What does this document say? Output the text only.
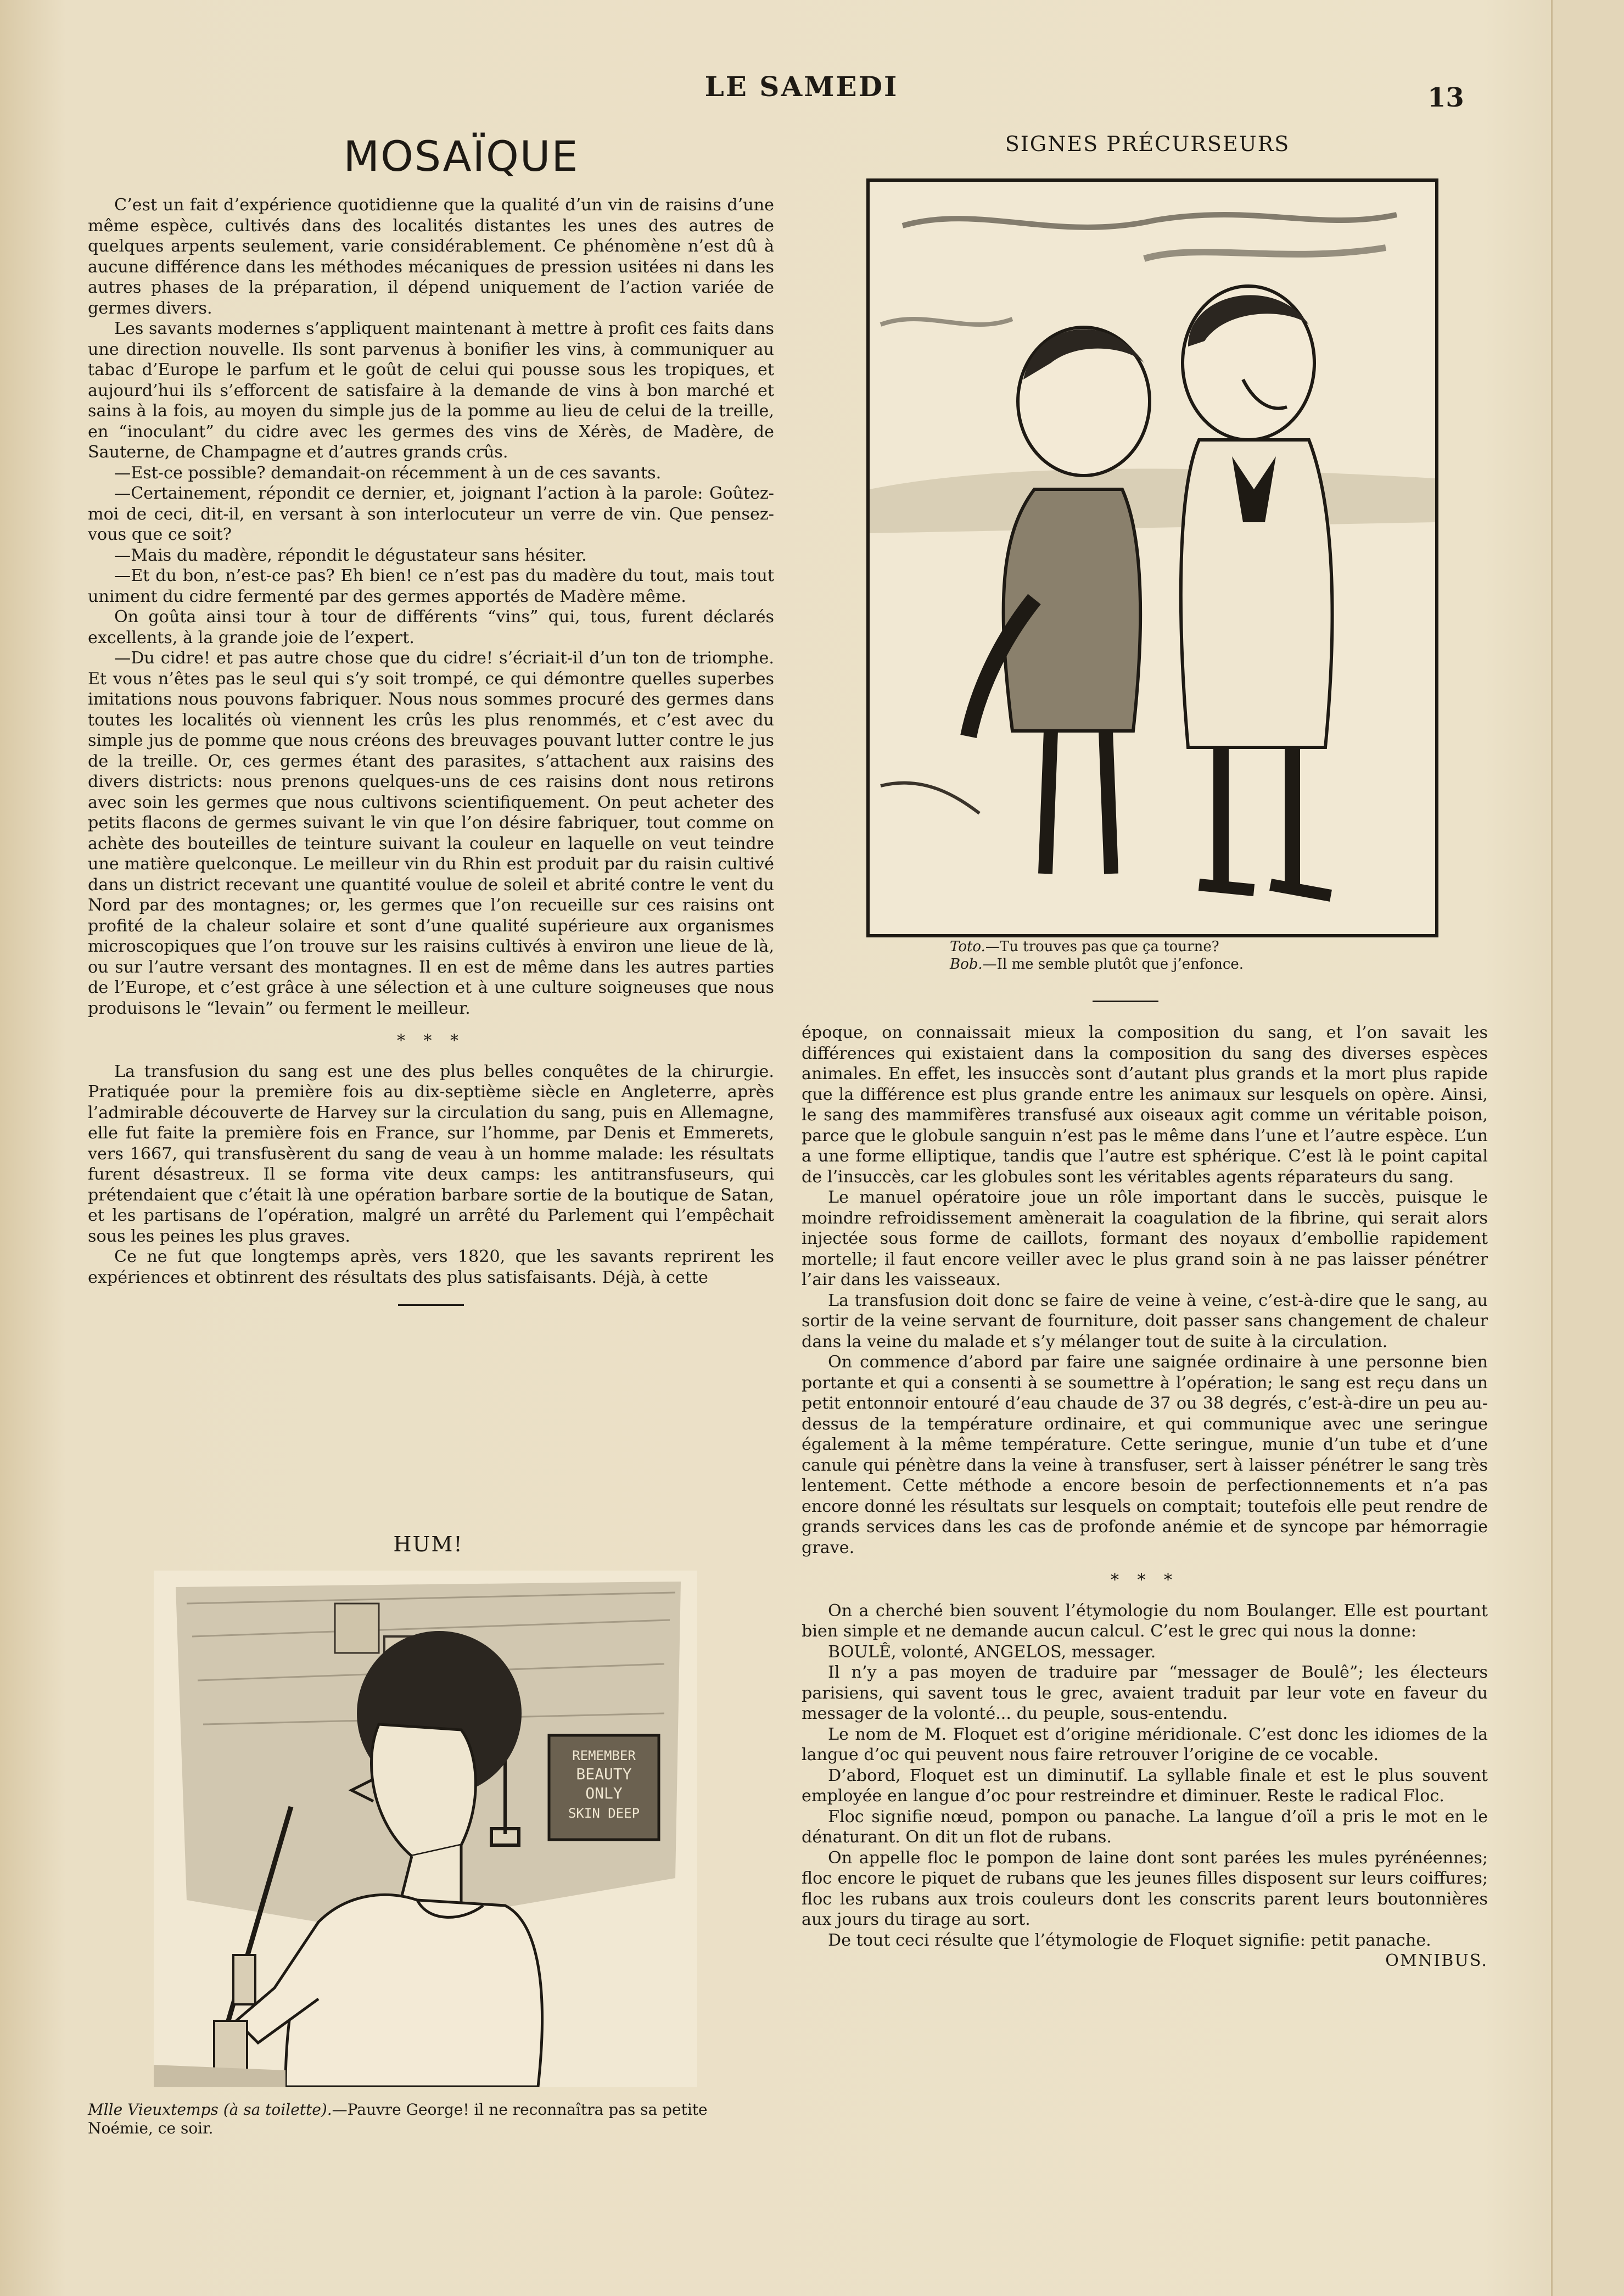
LE SAMEDI	13
MOSAÏQUE

C’est un fait d’expérience quotidienne que la qualité d’un vin de raisins d’une même espèce, cultivés dans des localités distantes les unes des autres de quelques arpents seulement, varie considérablement. Ce phénomène n’est dû à aucune différence dans les méthodes mécaniques de pression usitées ni dans les autres phases de la préparation, il dépend uniquement de l’action variée de germes divers.

Les savants modernes s’appliquent maintenant à mettre à profit ces faits dans une direction nouvelle. Ils sont parvenus à bonifier les vins, à communiquer au tabac d’Europe le parfum et le goût de celui qui pousse sous les tropiques, et aujourd’hui ils s’efforcent de satisfaire à la demande de vins à bon marché et sains à la fois, au moyen du simple jus de la pomme au lieu de celui de la treille, en “inoculant” du cidre avec les germes des vins de Xérès, de Madère, de Sauterne, de Champagne et d’autres grands crûs.

—Est-ce possible? demandait-on récemment à un de ces savants.

—Certainement, répondit ce dernier, et, joignant l’action à la parole: Goûtez-moi de ceci, dit-il, en versant à son interlocuteur un verre de vin. Que pensez-vous que ce soit?

—Mais du madère, répondit le dégustateur sans hésiter.

—Et du bon, n’est-ce pas? Eh bien! ce n’est pas du madère du tout, mais tout uniment du cidre fermenté par des germes apportés de Madère même.

On goûta ainsi tour à tour de différents “vins” qui, tous, furent déclarés excellents, à la grande joie de l’expert.

—Du cidre! et pas autre chose que du cidre! s’écriait-il d’un ton de triomphe. Et vous n’êtes pas le seul qui s’y soit trompé, ce qui démontre quelles superbes imitations nous pouvons fabriquer. Nous nous sommes procuré des germes dans toutes les localités où viennent les crûs les plus renommés, et c’est avec du simple jus de pomme que nous créons des breuvages pouvant lutter contre le jus de la treille. Or, ces germes étant des parasites, s’attachent aux raisins des divers districts: nous prenons quelques-uns de ces raisins dont nous retirons avec soin les germes que nous cultivons scientifiquement. On peut acheter des petits flacons de germes suivant le vin que l’on désire fabriquer, tout comme on achète des bouteilles de teinture suivant la couleur en laquelle on veut teindre une matière quelconque. Le meilleur vin du Rhin est produit par du raisin cultivé dans un district recevant une quantité voulue de soleil et abrité contre le vent du Nord par des montagnes; or, les germes que l’on recueille sur ces raisins ont profité de la chaleur solaire et sont d’une qualité supérieure aux organismes microscopiques que l’on trouve sur les raisins cultivés à environ une lieue de là, ou sur l’autre versant des montagnes. Il en est de même dans les autres parties de l’Europe, et c’est grâce à une sélection et à une culture soigneuses que nous produisons le “levain” ou ferment le meilleur.

* * *

La transfusion du sang est une des plus belles conquêtes de la chirurgie. Pratiquée pour la première fois au dix-septième siècle en Angleterre, après l’admirable découverte de Harvey sur la circulation du sang, puis en Allemagne, elle fut faite la première fois en France, sur l’homme, par Denis et Emmerets, vers 1667, qui transfusèrent du sang de veau à un homme malade: les résultats furent désastreux. Il se forma vite deux camps: les antitransfuseurs, qui prétendaient que c’était là une opération barbare sortie de la boutique de Satan, et les partisans de l’opération, malgré un arrêté du Parlement qui l’empêchait sous les peines les plus graves.

Ce ne fut que longtemps après, vers 1820, que les savants reprirent les expériences et obtinrent des résultats des plus satisfaisants. Déjà, à cette

HUM!
REMEMBER
BEAUTY
ONLY
SKIN DEEP
Mlle Vieuxtemps (à sa toilette).—Pauvre George! il ne reconnaîtra pas sa petite Noémie, ce soir.
SIGNES PRÉCURSEURS
Toto.—Tu trouves pas que ça tourne?
Bob.—Il me semble plutôt que j’enfonce.

époque, on connaissait mieux la composition du sang, et l’on savait les différences qui existaient dans la composition du sang des diverses espèces animales. En effet, les insuccès sont d’autant plus grands et la mort plus rapide que la différence est plus grande entre les animaux sur lesquels on opère. Ainsi, le sang des mammifères transfusé aux oiseaux agit comme un véritable poison, parce que le globule sanguin n’est pas le même dans l’une et l’autre espèce. L’un a une forme elliptique, tandis que l’autre est sphérique. C’est là le point capital de l’insuccès, car les globules sont les véritables agents réparateurs du sang.

Le manuel opératoire joue un rôle important dans le succès, puisque le moindre refroidissement amènerait la coagulation de la fibrine, qui serait alors injectée sous forme de caillots, formant des noyaux d’embollie rapidement mortelle; il faut encore veiller avec le plus grand soin à ne pas laisser pénétrer l’air dans les vaisseaux.

La transfusion doit donc se faire de veine à veine, c’est-à-dire que le sang, au sortir de la veine servant de fourniture, doit passer sans changement de chaleur dans la veine du malade et s’y mélanger tout de suite à la circulation.

On commence d’abord par faire une saignée ordinaire à une personne bien portante et qui a consenti à se soumettre à l’opération; le sang est reçu dans un petit entonnoir entouré d’eau chaude de 37 ou 38 degrés, c’est-à-dire un peu au-dessus de la température ordinaire, et qui communique avec une seringue également à la même température. Cette seringue, munie d’un tube et d’une canule qui pénètre dans la veine à transfuser, sert à laisser pénétrer le sang très lentement. Cette méthode a encore besoin de perfectionnements et n’a pas encore donné les résultats sur lesquels on comptait; toutefois elle peut rendre de grands services dans les cas de profonde anémie et de syncope par hémorragie grave.

* * *

On a cherché bien souvent l’étymologie du nom Boulanger. Elle est pourtant bien simple et ne demande aucun calcul. C’est le grec qui nous la donne:

BOULÊ, volonté, ANGELOS, messager.

Il n’y a pas moyen de traduire par “messager de Boulê”; les électeurs parisiens, qui savent tous le grec, avaient traduit par leur vote en faveur du messager de la volonté... du peuple, sous-entendu.

Le nom de M. Floquet est d’origine méridionale. C’est donc les idiomes de la langue d’oc qui peuvent nous faire retrouver l’origine de ce vocable.

D’abord, Floquet est un diminutif. La syllable finale et est le plus souvent employée en langue d’oc pour restreindre et diminuer. Reste le radical Floc.

Floc signifie nœud, pompon ou panache. La langue d’oïl a pris le mot en le dénaturant. On dit un flot de rubans.

On appelle floc le pompon de laine dont sont parées les mules pyrénéennes; floc encore le piquet de rubans que les jeunes filles disposent sur leurs coiffures; floc les rubans aux trois couleurs dont les conscrits parent leurs boutonnières aux jours du tirage au sort.

De tout ceci résulte que l’étymologie de Floquet signifie: petit panache.

OMNIBUS.
